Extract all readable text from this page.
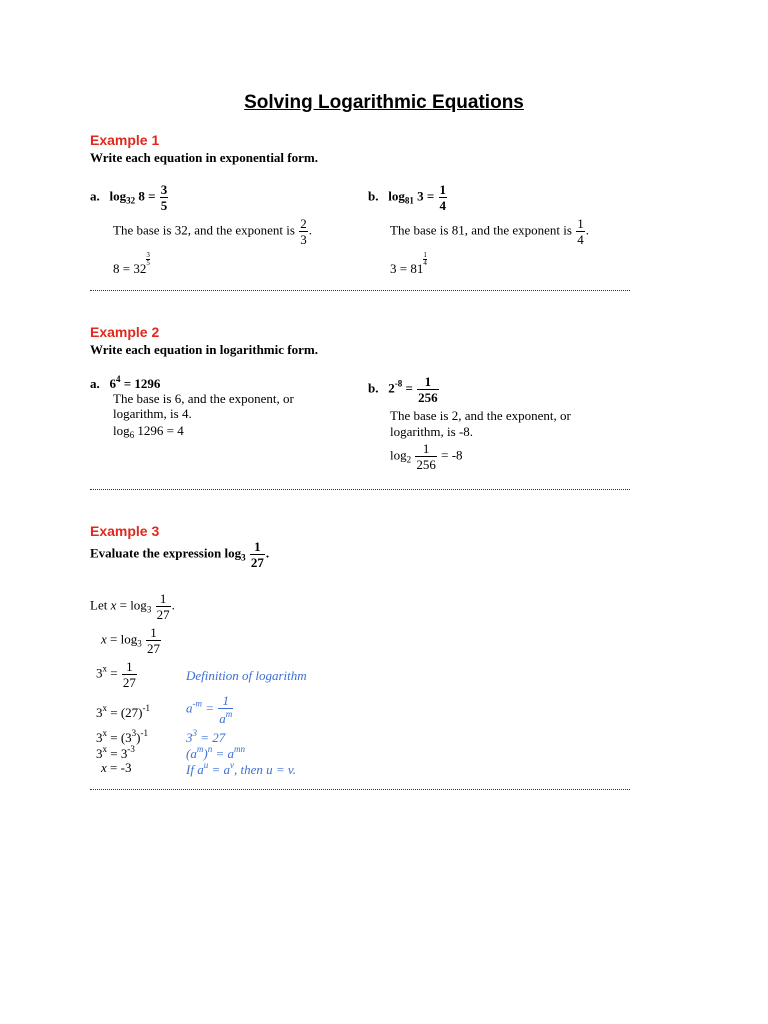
Solving Logarithmic Equations
Example 1
Write each equation in exponential form.
a. $\log_{32} 8 = \frac{3}{5}$
The base is 32, and the exponent is $\frac{2}{3}$ .
8 = 32
$\frac{3}{5}$
b. $\log_{81} 3 = \frac{1}{4}$
The base is 81, and the exponent is $\frac{1}{4}$ .
3 = 81
$\frac{1}{4}$
Example 2
Write each equation in logarithmic form.
a. $6^4 = 1296$
The base is 6, and the exponent, or
logarithm, is 4.
$\log_6 1296 = 4$
b. $2^{-8} = \frac{1}{256}$
The base is 2, and the exponent, or
logarithm, is -8.
$\log_2 \frac{1}{256} = -8$
Example 3
Evaluate the expression $\log_3 \frac{1}{27}$ .
Let $x = \log_3 \frac{1}{27}$ .
$x = \log_3 \frac{1}{27}$
$3^x = \frac{1}{27}$	Definition of logarithm
$3^x = (27)^{-1}$	$a^{-m} = \frac{1}{a^m}$
$3^x = (3^3)^{-1}$	$3^3 = 27$
$3^x = 3^{-3}$	$(a^m)^n = a^{mn}$
x = -3	If $a^u = a^v$, then u = v.
